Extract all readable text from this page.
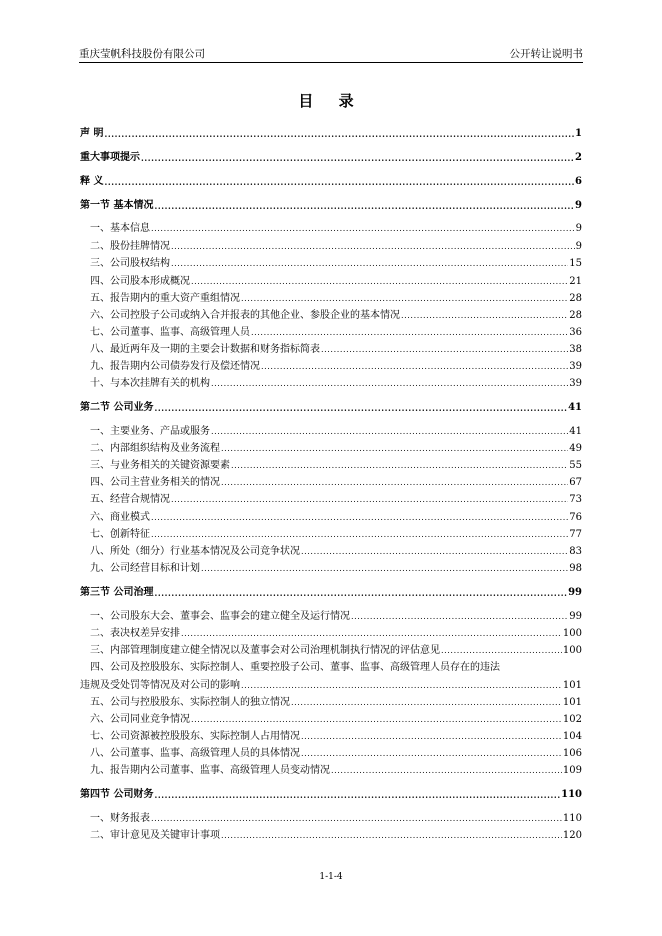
重庆莹帆科技股份有限公司	公开转让说明书
目 录
声 明 .....	1
重大事项提示 .....	2
释 义 .....	6
第一节 基本情况 .....	9
一、基本信息 .....	9
二、股份挂牌情况 .....	9
三、公司股权结构 .....	15
四、公司股本形成概况 .....	21
五、报告期内的重大资产重组情况 .....	28
六、公司控股子公司或纳入合并报表的其他企业、参股企业的基本情况 .....	28
七、公司董事、监事、高级管理人员 .....	36
八、最近两年及一期的主要会计数据和财务指标简表 .....	38
九、报告期内公司债券发行及偿还情况 .....	39
十、与本次挂牌有关的机构 .....	39
第二节 公司业务 .....	41
一、主要业务、产品或服务 .....	41
二、内部组织结构及业务流程 .....	49
三、与业务相关的关键资源要素 .....	55
四、公司主营业务相关的情况 .....	67
五、经营合规情况 .....	73
六、商业模式 .....	76
七、创新特征 .....	77
八、所处（细分）行业基本情况及公司竞争状况 .....	83
九、公司经营目标和计划 .....	98
第三节 公司治理 .....	99
一、公司股东大会、董事会、监事会的建立健全及运行情况 .....	99
二、表决权差异安排 .....	100
三、内部管理制度建立健全情况以及董事会对公司治理机制执行情况的评估意见 .....	100
四、公司及控股股东、实际控制人、重要控股子公司、董事、监事、高级管理人员存在的违法
违规及受处罚等情况及对公司的影响 .....	101
五、公司与控股股东、实际控制人的独立情况 .....	101
六、公司同业竞争情况 .....	102
七、公司资源被控股股东、实际控制人占用情况 .....	104
八、公司董事、监事、高级管理人员的具体情况 .....	106
九、报告期内公司董事、监事、高级管理人员变动情况 .....	109
第四节 公司财务 .....	110
一、财务报表 .....	110
二、审计意见及关键审计事项 .....	120
1-1-4
